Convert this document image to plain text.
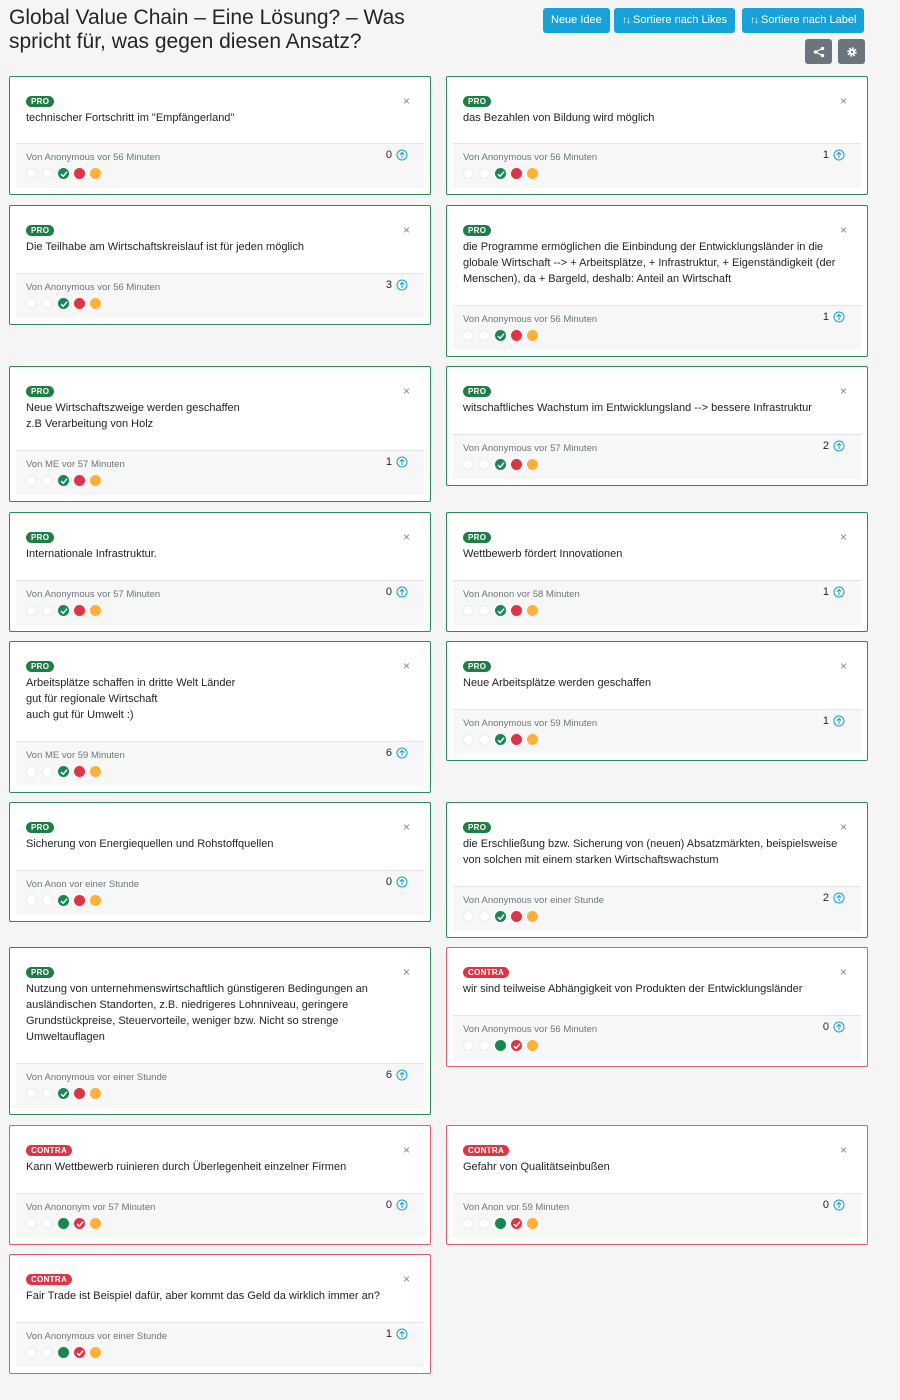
Global Value Chain – Eine Lösung? – Was spricht für, was gegen diesen Ansatz?
Neue Idee	↑↓ Sortiere nach Likes	↑↓ Sortiere nach Label
PRO	×
technischer Fortschritt im "Empfängerland"
Von Anonymous vor 56 Minuten	0
PRO	×
das Bezahlen von Bildung wird möglich
Von Anonymous vor 56 Minuten	1
PRO	×
Die Teilhabe am Wirtschaftskreislauf ist für jeden möglich
Von Anonymous vor 56 Minuten	3
PRO	×
die Programme ermöglichen die Einbindung der Entwicklungsländer in die globale Wirtschaft --> + Arbeitsplätze, + Infrastruktur, + Eigenständigkeit (der Menschen), da + Bargeld, deshalb: Anteil an Wirtschaft
Von Anonymous vor 56 Minuten	1
PRO	×
Neue Wirtschaftszweige werden geschaffen
z.B Verarbeitung von Holz
Von ME vor 57 Minuten	1
PRO	×
witschaftliches Wachstum im Entwicklungsland --> bessere Infrastruktur
Von Anonymous vor 57 Minuten	2
PRO	×
Internationale Infrastruktur.
Von Anonymous vor 57 Minuten	0
PRO	×
Wettbewerb fördert Innovationen
Von Anonon vor 58 Minuten	1
PRO	×
Arbeitsplätze schaffen in dritte Welt Länder
gut für regionale Wirtschaft
auch gut für Umwelt :)
Von ME vor 59 Minuten	6
PRO	×
Neue Arbeitsplätze werden geschaffen
Von Anonymous vor 59 Minuten	1
PRO	×
Sicherung von Energiequellen und Rohstoffquellen
Von Anon vor einer Stunde	0
PRO	×
die Erschließung bzw. Sicherung von (neuen) Absatzmärkten, beispielsweise von solchen mit einem starken Wirtschaftswachstum
Von Anonymous vor einer Stunde	2
PRO	×
Nutzung von unternehmenswirtschaftlich günstigeren Bedingungen an ausländischen Standorten, z.B. niedrigeres Lohnniveau, geringere Grundstückpreise, Steuervorteile, weniger bzw. Nicht so strenge Umweltauflagen
Von Anonymous vor einer Stunde	6
CONTRA	×
wir sind teilweise Abhängigkeit von Produkten der Entwicklungsländer
Von Anonymous vor 56 Minuten	0
CONTRA	×
Kann Wettbewerb ruinieren durch Überlegenheit einzelner Firmen
Von Anononym vor 57 Minuten	0
CONTRA	×
Gefahr von Qualitätseinbußen
Von Anon vor 59 Minuten	0
CONTRA	×
Fair Trade ist Beispiel dafür, aber kommt das Geld da wirklich immer an?
Von Anonymous vor einer Stunde	1
